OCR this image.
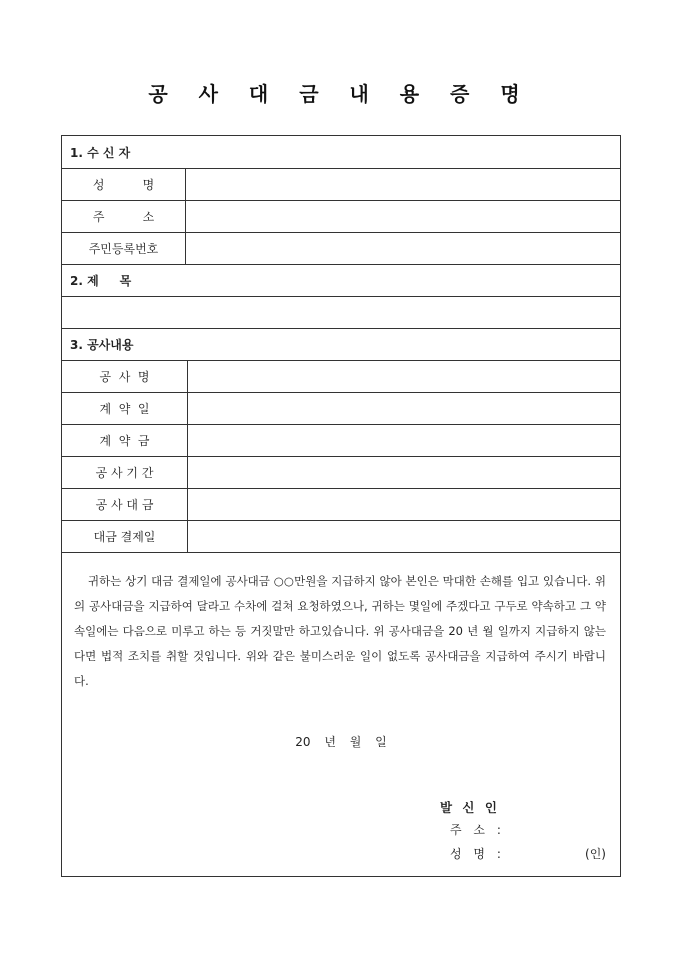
공 사 대 금 내 용 증 명
1. 수 신 자
성          명
주          소
주민등록번호
2. 제     목
3. 공사내용
공  사  명
계  약  일
계  약  금
공 사 기 간
공 사 대 금
대금 결제일
귀하는 상기 대금 결제일에 공사대금 ○○만원을 지급하지 않아 본인은 막대한 손해를 입고 있습니다. 위의 공사대금을 지급하여 달라고 수차에 걸쳐 요청하였으나, 귀하는 몇일에 주겠다고 구두로 약속하고 그 약속일에는 다음으로 미루고 하는 등 거짓말만 하고있습니다. 위 공사대금을 20 년 월 일까지 지급하지 않는다면 법적 조치를 취할 것입니다. 위와 같은 불미스러운 일이 없도록 공사대금을 지급하여 주시기 바랍니다.
20 년 월 일
발 신 인
주 소 :
성 명 :	(인)
